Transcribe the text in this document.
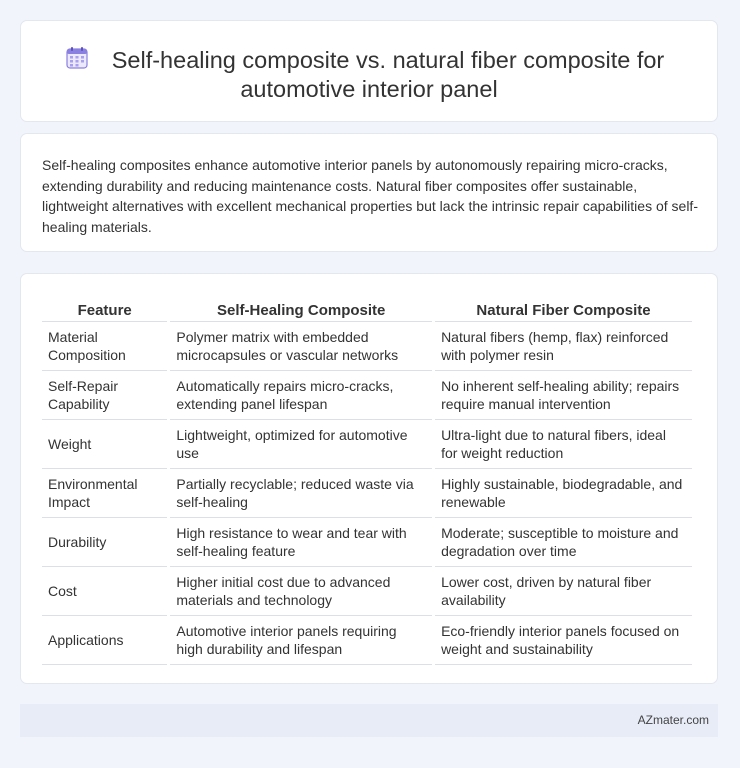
Self-healing composite vs. natural fiber composite for
automotive interior panel

Self-healing composites enhance automotive interior panels by autonomously repairing micro-cracks, extending durability and reducing maintenance costs. Natural fiber composites offer sustainable, lightweight alternatives with excellent mechanical properties but lack the intrinsic repair capabilities of self-healing materials.

Feature	Self-Healing Composite	Natural Fiber Composite
Material Composition	Polymer matrix with embedded microcapsules or vascular networks	Natural fibers (hemp, flax) reinforced with polymer resin
Self-Repair Capability	Automatically repairs micro-cracks, extending panel lifespan	No inherent self-healing ability; repairs require manual intervention
Weight	Lightweight, optimized for automotive use	Ultra-light due to natural fibers, ideal for weight reduction
Environmental Impact	Partially recyclable; reduced waste via self-healing	Highly sustainable, biodegradable, and renewable
Durability	High resistance to wear and tear with self-healing feature	Moderate; susceptible to moisture and degradation over time
Cost	Higher initial cost due to advanced materials and technology	Lower cost, driven by natural fiber availability
Applications	Automotive interior panels requiring high durability and lifespan	Eco-friendly interior panels focused on weight and sustainability
AZmater.com
